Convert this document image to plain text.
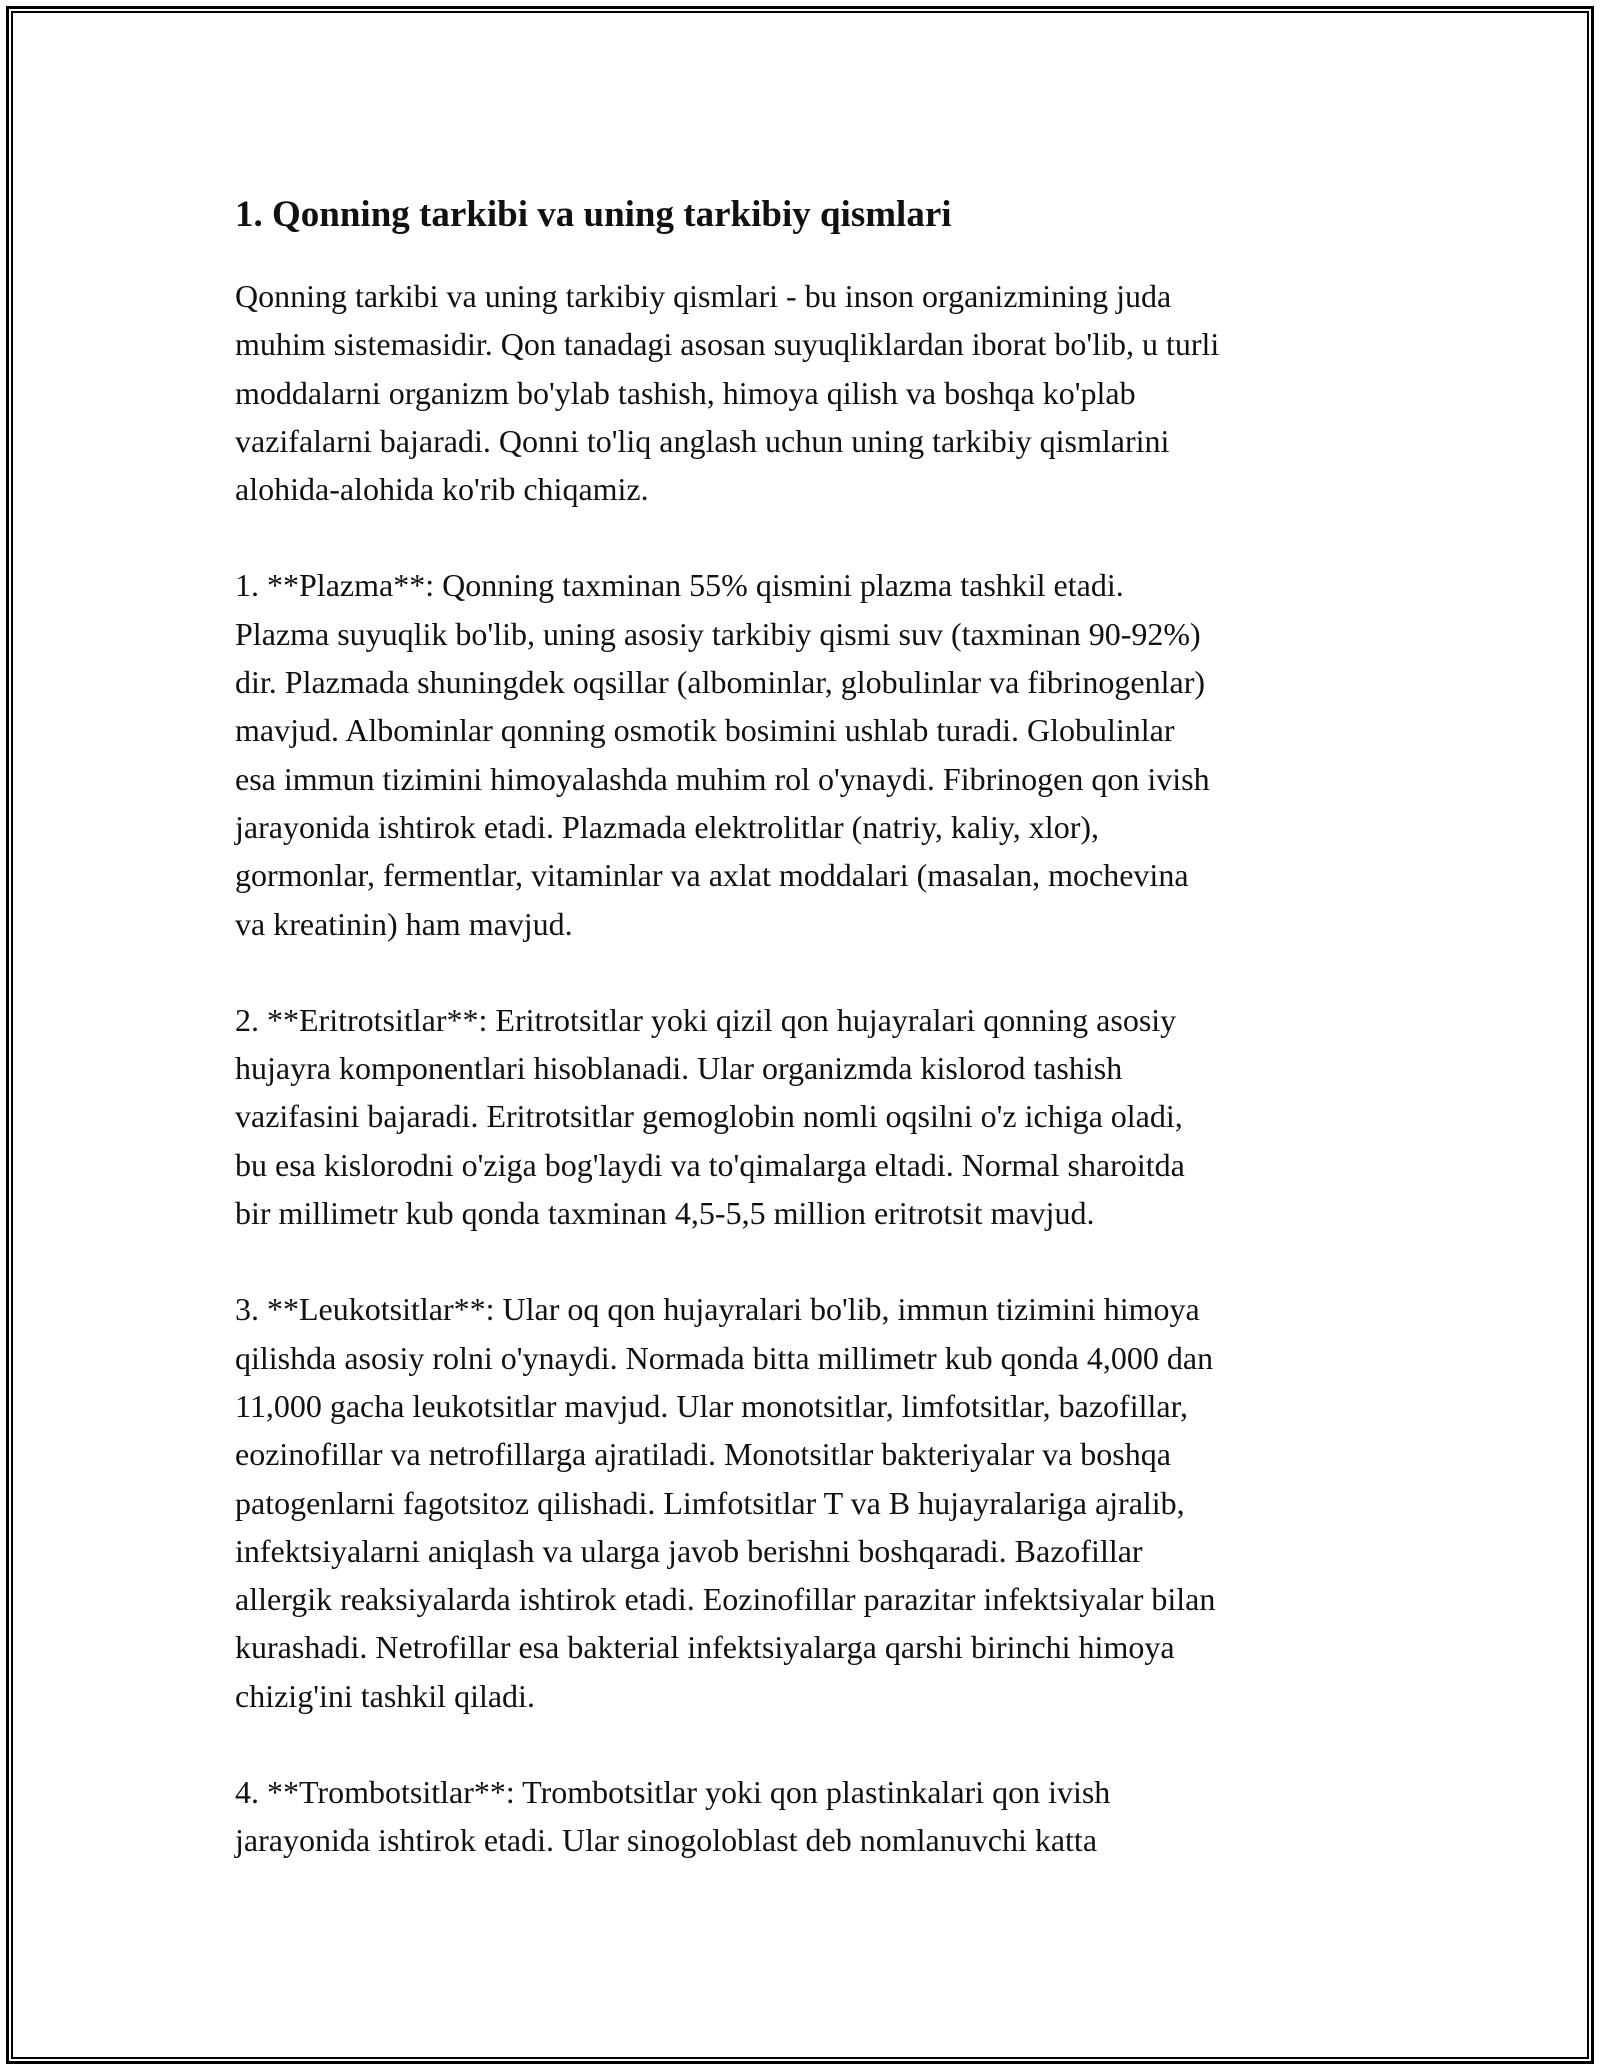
1. Qonning tarkibi va uning tarkibiy qismlari

Qonning tarkibi va uning tarkibiy qismlari - bu inson organizmining juda
muhim sistemasidir. Qon tanadagi asosan suyuqliklardan iborat bo'lib, u turli
moddalarni organizm bo'ylab tashish, himoya qilish va boshqa ko'plab
vazifalarni bajaradi. Qonni to'liq anglash uchun uning tarkibiy qismlarini
alohida-alohida ko'rib chiqamiz.

1. **Plazma**: Qonning taxminan 55% qismini plazma tashkil etadi.
Plazma suyuqlik bo'lib, uning asosiy tarkibiy qismi suv (taxminan 90-92%)
dir. Plazmada shuningdek oqsillar (albominlar, globulinlar va fibrinogenlar)
mavjud. Albominlar qonning osmotik bosimini ushlab turadi. Globulinlar
esa immun tizimini himoyalashda muhim rol o'ynaydi. Fibrinogen qon ivish
jarayonida ishtirok etadi. Plazmada elektrolitlar (natriy, kaliy, xlor),
gormonlar, fermentlar, vitaminlar va axlat moddalari (masalan, mochevina
va kreatinin) ham mavjud.

2. **Eritrotsitlar**: Eritrotsitlar yoki qizil qon hujayralari qonning asosiy
hujayra komponentlari hisoblanadi. Ular organizmda kislorod tashish
vazifasini bajaradi. Eritrotsitlar gemoglobin nomli oqsilni o'z ichiga oladi,
bu esa kislorodni o'ziga bog'laydi va to'qimalarga eltadi. Normal sharoitda
bir millimetr kub qonda taxminan 4,5-5,5 million eritrotsit mavjud.

3. **Leukotsitlar**: Ular oq qon hujayralari bo'lib, immun tizimini himoya
qilishda asosiy rolni o'ynaydi. Normada bitta millimetr kub qonda 4,000 dan
11,000 gacha leukotsitlar mavjud. Ular monotsitlar, limfotsitlar, bazofillar,
eozinofillar va netrofillarga ajratiladi. Monotsitlar bakteriyalar va boshqa
patogenlarni fagotsitoz qilishadi. Limfotsitlar T va B hujayralariga ajralib,
infektsiyalarni aniqlash va ularga javob berishni boshqaradi. Bazofillar
allergik reaksiyalarda ishtirok etadi. Eozinofillar parazitar infektsiyalar bilan
kurashadi. Netrofillar esa bakterial infektsiyalarga qarshi birinchi himoya
chizig'ini tashkil qiladi.

4. **Trombotsitlar**: Trombotsitlar yoki qon plastinkalari qon ivish
jarayonida ishtirok etadi. Ular sinogoloblast deb nomlanuvchi katta
